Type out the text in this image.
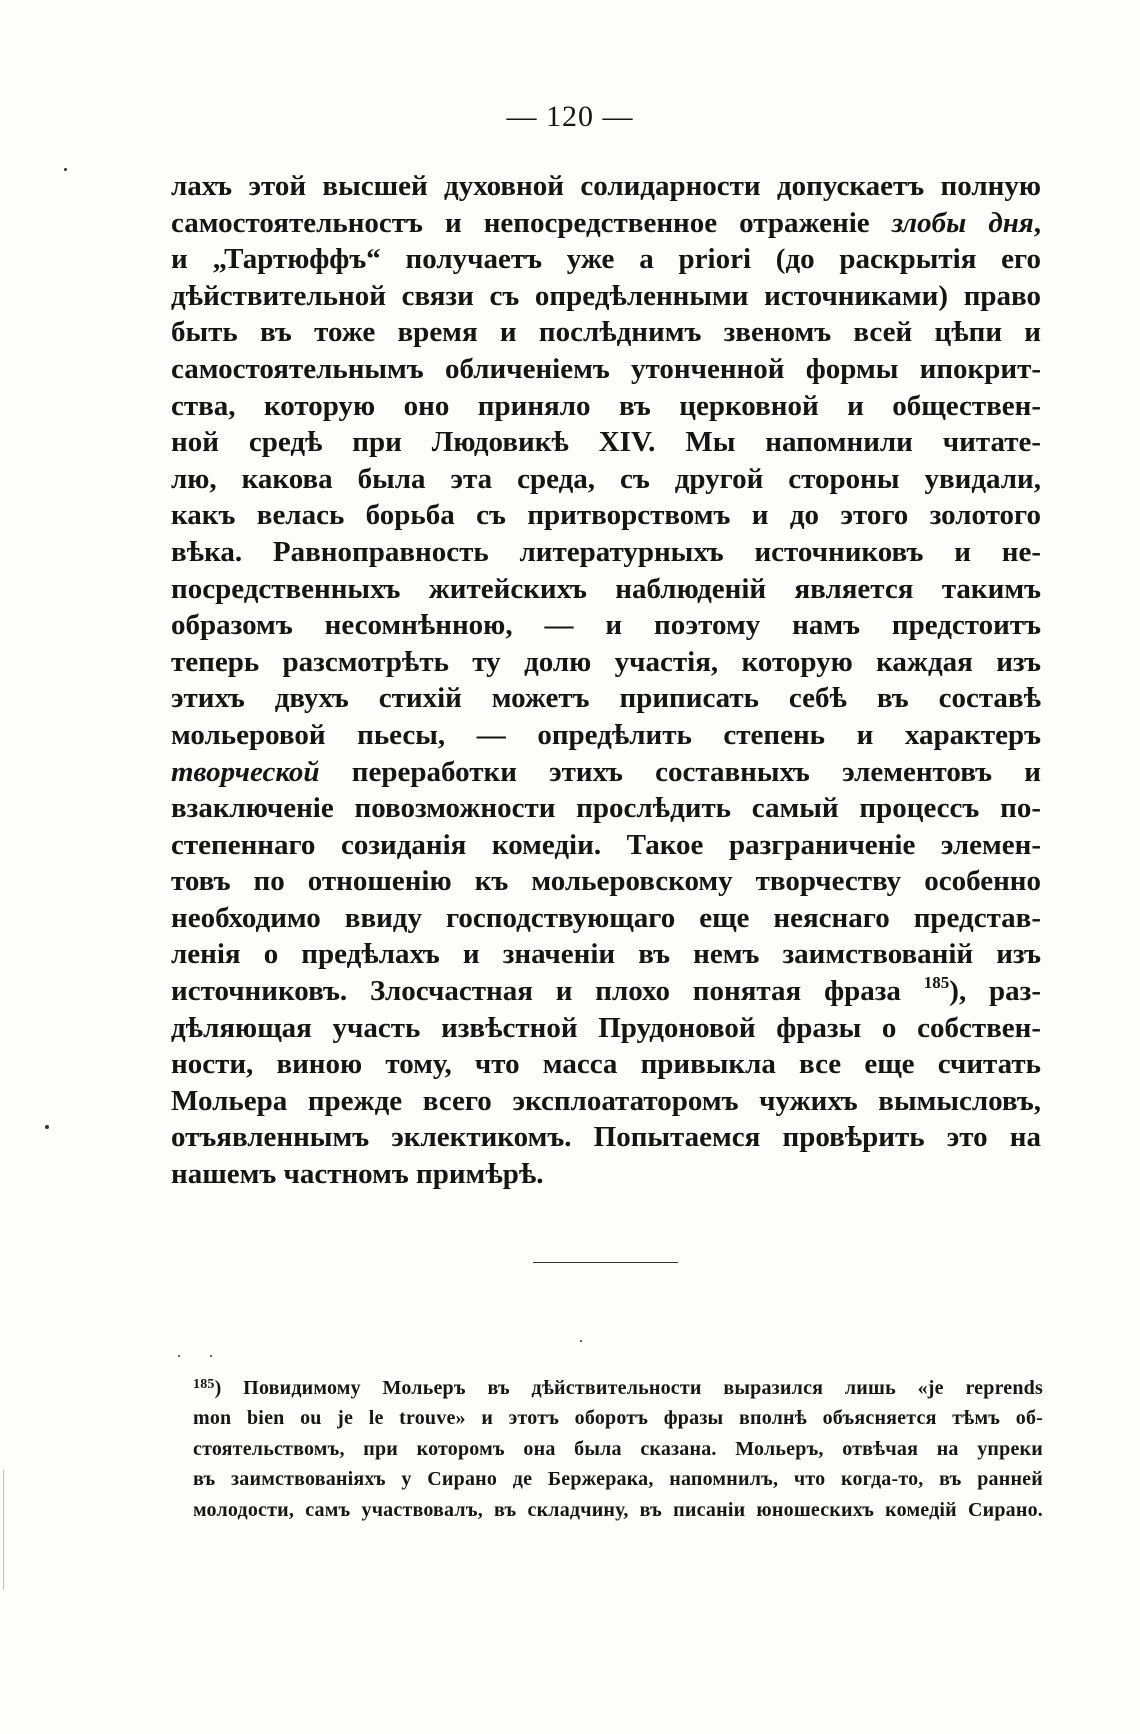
— 120 —
лахъ этой высшей духовной солидарности допускаетъ полную
самостоятельностъ и непосредственное отраженіе злобы дня,
и „Тартюффъ“ получаетъ уже a priori (до раскрытія его
дѣйствительной связи съ опредѣленными источниками) право
быть въ тоже время и послѣднимъ звеномъ всей цѣпи и
самостоятельнымъ обличеніемъ утонченной формы ипокрит-
ства, которую оно приняло въ церковной и обществен-
ной средѣ при Людовикѣ XIV. Мы напомнили читате-
лю, какова была эта среда, съ другой стороны увидали,
какъ велась борьба съ притворствомъ и до этого золотого
вѣка. Равноправность литературныхъ источниковъ и не-
посредственныхъ житейскихъ наблюденій является такимъ
образомъ несомнѣнною, — и поэтому намъ предстоитъ
теперь разсмотрѣть ту долю участія, которую каждая изъ
этихъ двухъ стихій можетъ приписать себѣ въ составѣ
мольеровой пьесы, — опредѣлить степень и характеръ
творческой переработки этихъ составныхъ элементовъ и
взаключеніе повозможности прослѣдить самый процессъ по-
степеннаго созиданія комедіи. Такое разграниченіе элемен-
товъ по отношенію къ мольеровскому творчеству особенно
необходимо ввиду господствующаго еще неяснаго представ-
ленія о предѣлахъ и значеніи въ немъ заимствованій изъ
источниковъ. Злосчастная и плохо понятая фраза $^{185}$), раз-
дѣляющая участь извѣстной Прудоновой фразы о собствен-
ности, виною тому, что масса привыкла все еще считать
Мольера прежде всего эксплоататоромъ чужихъ вымысловъ,
отъявленнымъ эклектикомъ. Попытаемся провѣрить это на
нашемъ частномъ примѣрѣ.
$^{185}$) Повидимому Мольеръ въ дѣйствительности выразился лишь «je reprends
mon bien ou je le trouve» и этотъ оборотъ фразы вполнѣ объясняется тѣмъ об-
стоятельствомъ, при которомъ она была сказана. Мольеръ, отвѣчая на упреки
въ заимствованіяхъ у Сирано де Бержерака, напомнилъ, что когда-то, въ ранней
молодости, самъ участвовалъ, въ складчину, въ писаніи юношескихъ комедій Сирано.
